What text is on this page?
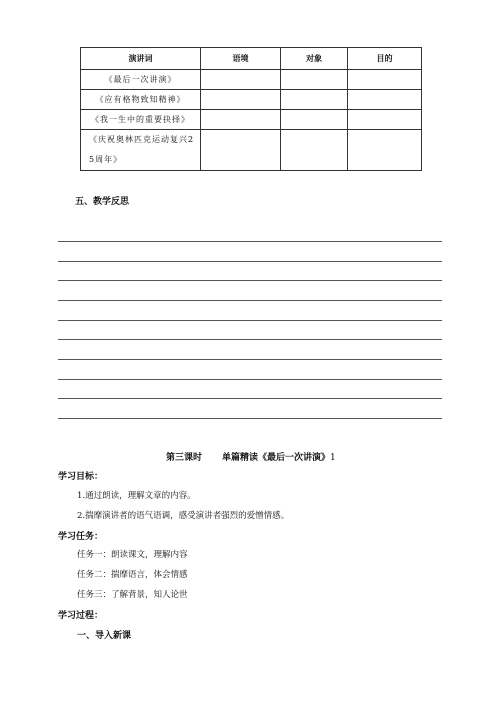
演讲词	语境	对象	目的
《最后一次讲演》			
《应有格物致知精神》			
《我一生中的重要抉择》			
《庆祝奥林匹克运动复兴25周年》			
五、教学反思
第三课时 单篇精读《最后一次讲演》1
学习目标：
1.通过朗读，理解文章的内容。
2.揣摩演讲者的语气语调，感受演讲者强烈的爱憎情感。
学习任务：
任务一：朗读课文，理解内容
任务二：揣摩语言，体会情感
任务三：了解背景，知人论世
学习过程：
一、导入新课
